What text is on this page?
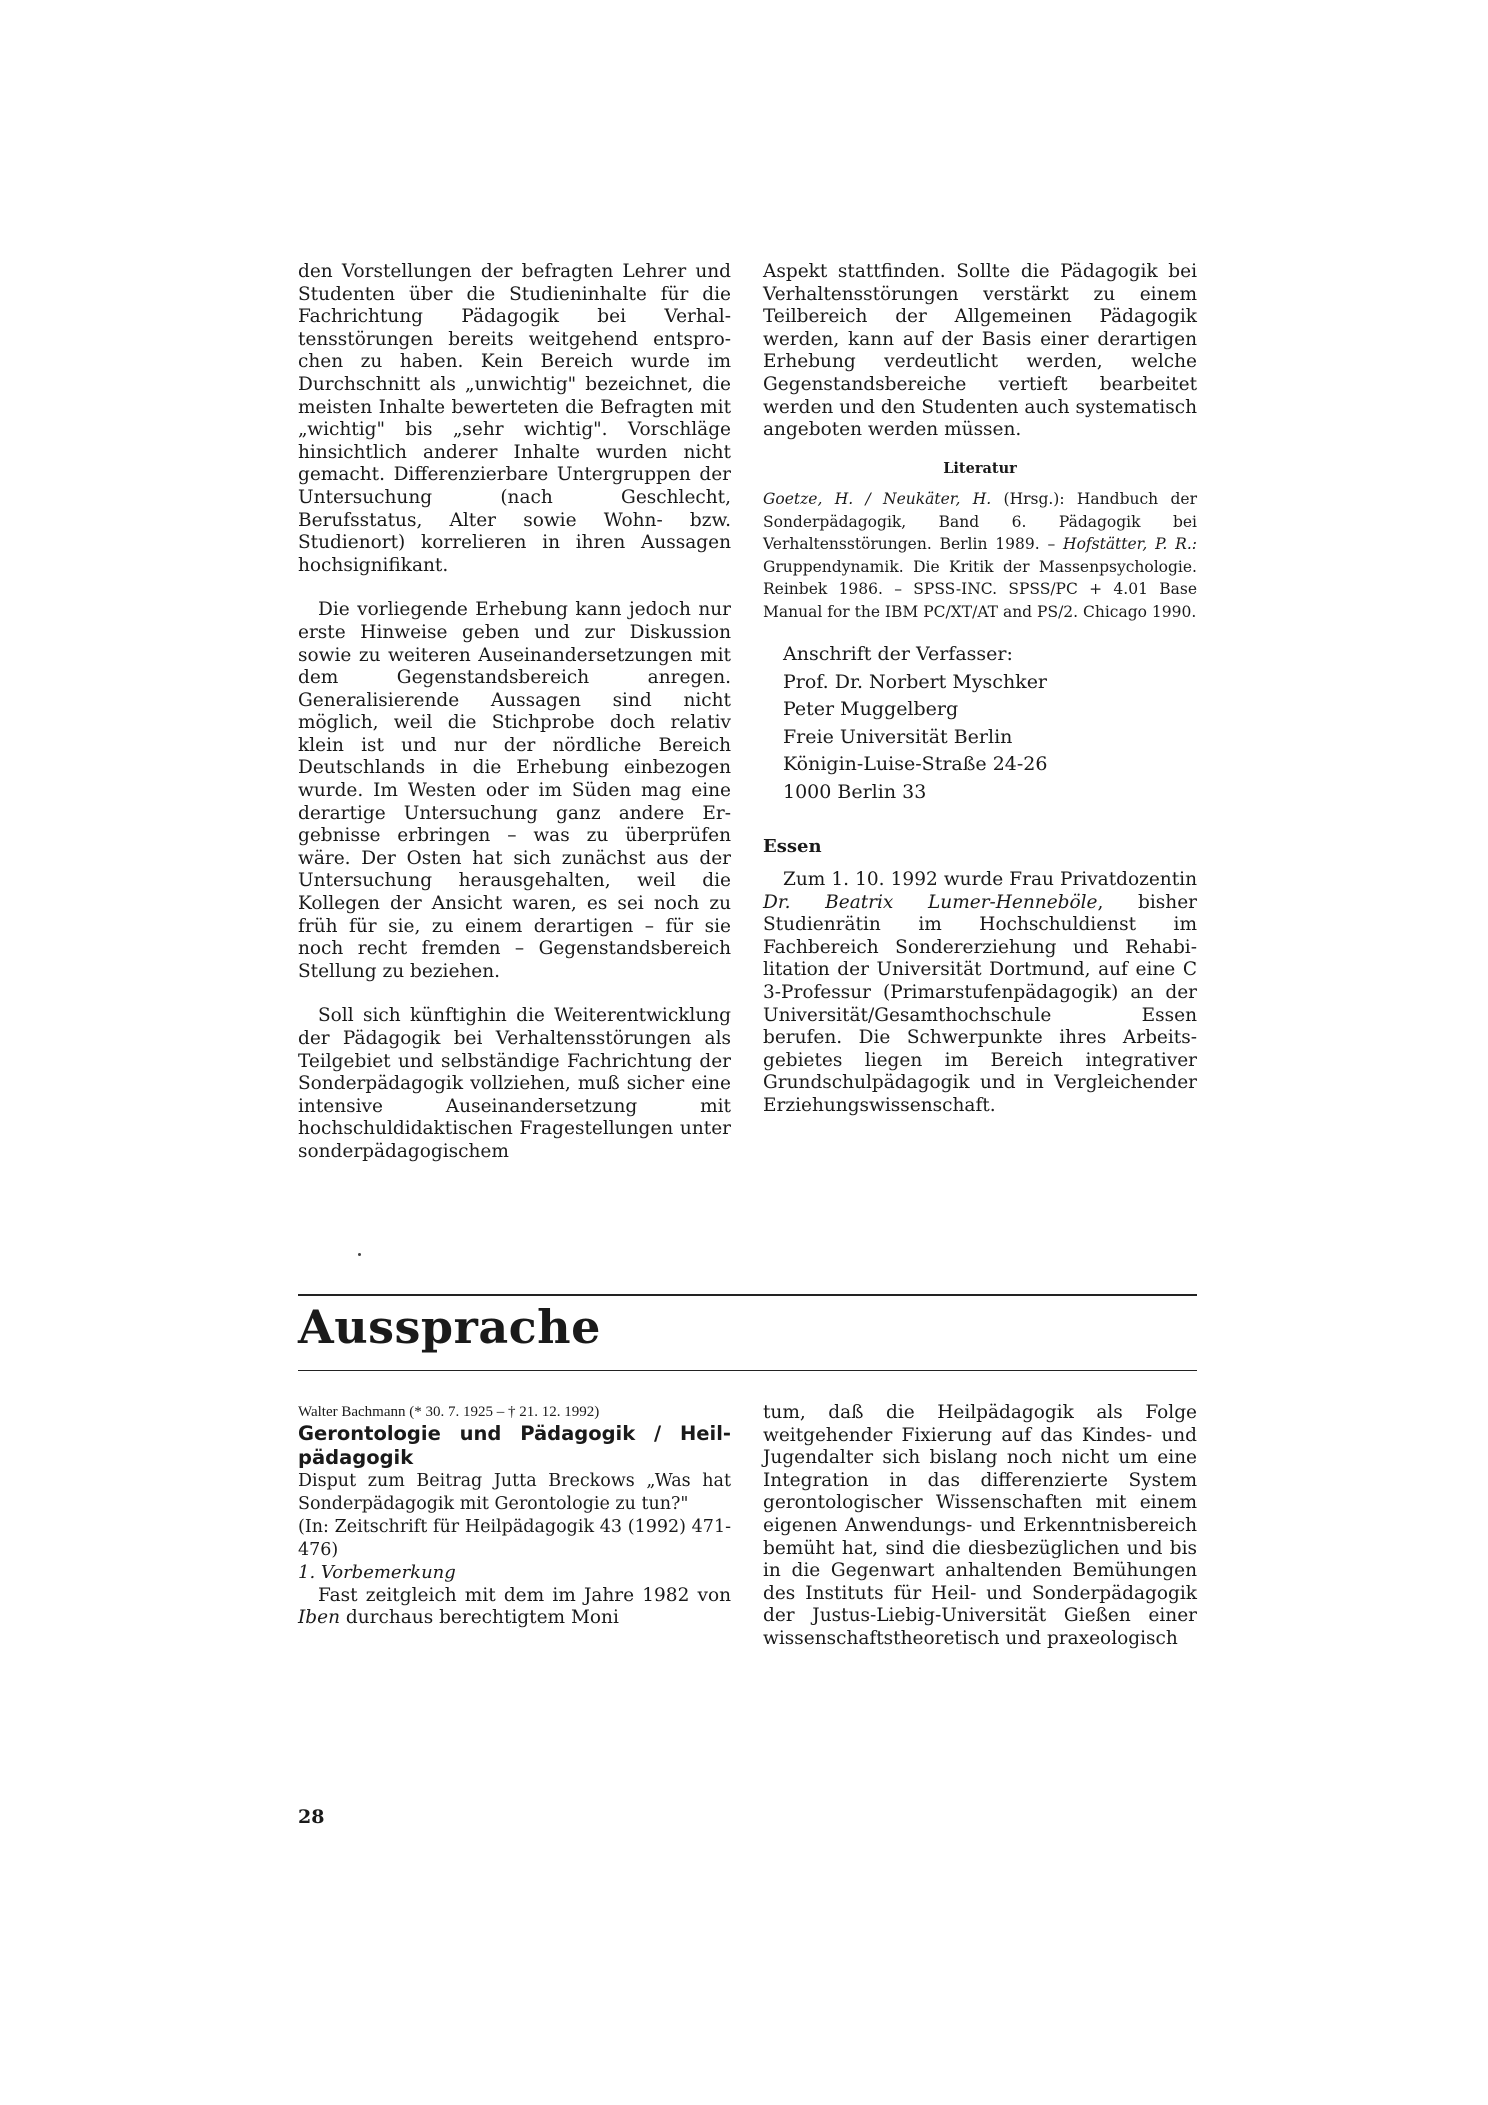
den Vorstellungen der befragten Lehrer und Studenten über die Studieninhalte für die Fachrichtung Pädagogik bei Verhaltensstörungen bereits weitgehend entsprochen zu haben. Kein Bereich wurde im Durchschnitt als „unwichtig" bezeichnet, die meisten Inhalte bewerteten die Befragten mit „wichtig" bis „sehr wichtig". Vorschläge hinsichtlich anderer Inhalte wurden nicht gemacht. Differenzierbare Untergruppen der Untersuchung (nach Geschlecht, Berufsstatus, Alter sowie Wohn- bzw. Studienort) korrelieren in ihren Aussagen hochsignifikant.

Die vorliegende Erhebung kann jedoch nur erste Hinweise geben und zur Diskussion sowie zu weiteren Auseinandersetzungen mit dem Gegenstandsbereich anregen. Generalisierende Aussagen sind nicht möglich, weil die Stichprobe doch relativ klein ist und nur der nördliche Bereich Deutschlands in die Erhebung einbezogen wurde. Im Westen oder im Süden mag eine derartige Untersuchung ganz andere Ergebnisse erbringen – was zu überprüfen wäre. Der Osten hat sich zunächst aus der Untersuchung herausgehalten, weil die Kollegen der Ansicht waren, es sei noch zu früh für sie, zu einem derartigen – für sie noch recht fremden – Gegenstandsbereich Stellung zu beziehen.

Soll sich künftighin die Weiterentwicklung der Pädagogik bei Verhaltensstörungen als Teilgebiet und selbständige Fachrichtung der Sonderpädagogik vollziehen, muß sicher eine intensive Auseinandersetzung mit hochschuldidaktischen Fragestellungen unter sonderpädagogischem

Aspekt stattfinden. Sollte die Pädagogik bei Verhaltensstörungen verstärkt zu einem Teilbereich der Allgemeinen Pädagogik werden, kann auf der Basis einer derartigen Erhebung verdeutlicht werden, welche Gegenstandsbereiche vertieft bearbeitet werden und den Studenten auch systematisch angeboten werden müssen.

Literatur

Goetze, H. / Neukäter, H. (Hrsg.): Handbuch der Sonderpädagogik, Band 6. Pädagogik bei Verhaltensstörungen. Berlin 1989. – Hofstätter, P. R.: Gruppendynamik. Die Kritik der Massenpsychologie. Reinbek 1986. – SPSS-INC. SPSS/PC + 4.01 Base Manual for the IBM PC/XT/AT and PS/2. Chicago 1990.

Anschrift der Verfasser:
Prof. Dr. Norbert Myschker
Peter Muggelberg
Freie Universität Berlin
Königin-Luise-Straße 24-26
1000 Berlin 33
Essen

Zum 1. 10. 1992 wurde Frau Privatdozentin Dr. Beatrix Lumer-Henneböle, bisher Studienrätin im Hochschuldienst im Fachbereich Sondererziehung und Rehabilitation der Universität Dortmund, auf eine C 3-Professur (Primarstufenpädagogik) an der Universität/Gesamthochschule Essen berufen. Die Schwerpunkte ihres Arbeitsgebietes liegen im Bereich integrativer Grundschulpädagogik und in Vergleichender Erziehungswissenschaft.

Aussprache

Walter Bachmann (* 30. 7. 1925 – † 21. 12. 1992)

Gerontologie und Pädagogik / Heilpädagogik

Disput zum Beitrag Jutta Breckows „Was hat Sonderpädagogik mit Gerontologie zu tun?"

(In: Zeitschrift für Heilpädagogik 43 (1992) 471-476)

1. Vorbemerkung

Fast zeitgleich mit dem im Jahre 1982 von Iben durchaus berechtigtem Moni

tum, daß die Heilpädagogik als Folge weitgehender Fixierung auf das Kindes- und Jugendalter sich bislang noch nicht um eine Integration in das differenzierte System gerontologischer Wissenschaften mit einem eigenen Anwendungs- und Erkenntnisbereich bemüht hat, sind die diesbezüglichen und bis in die Gegenwart anhaltenden Bemühungen des Instituts für Heil- und Sonderpädagogik der Justus-Liebig-Universität Gießen einer wissenschaftstheoretisch und praxeologisch

28
